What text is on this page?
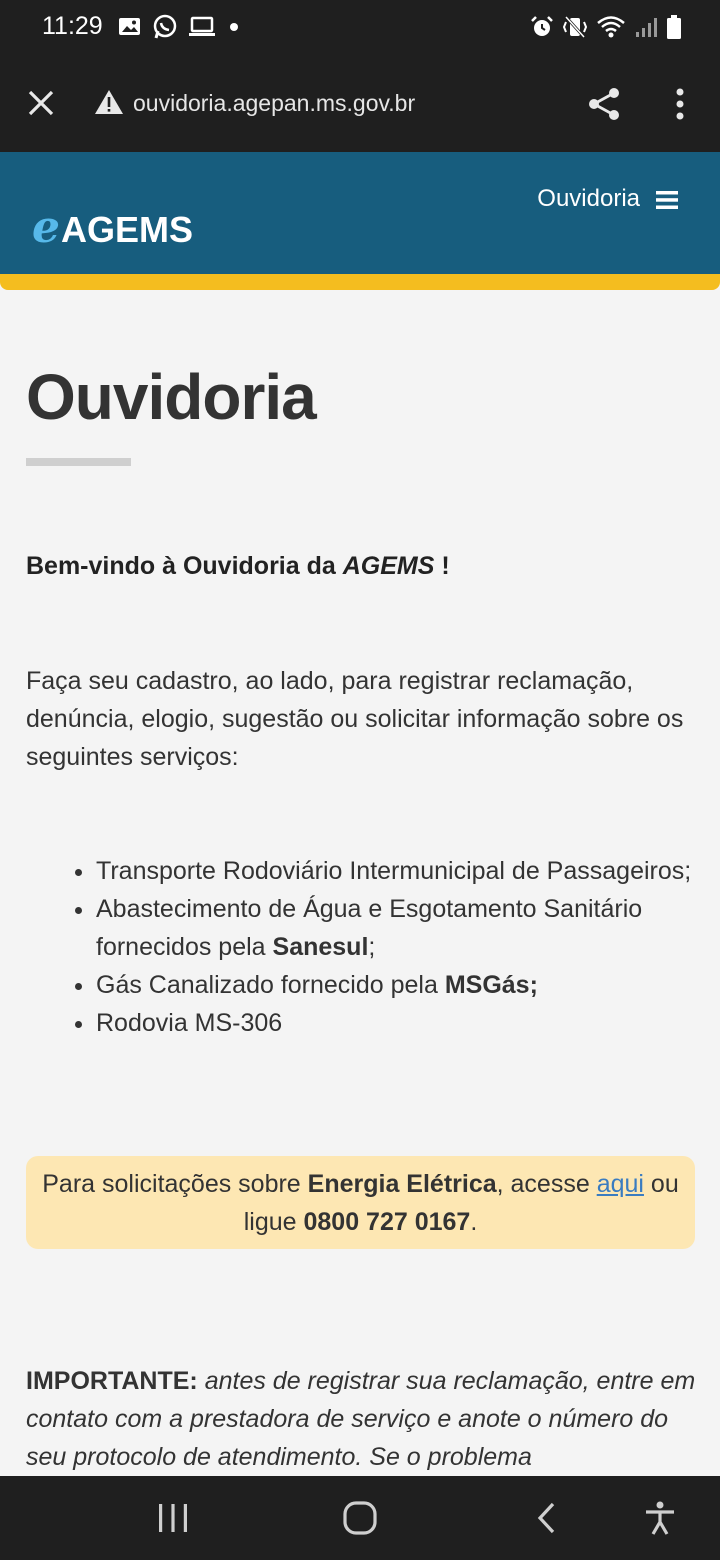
11:29
ouvidoria.agepan.ms.gov.br
eAGEMS
Ouvidoria
Ouvidoria

Bem-vindo à Ouvidoria da AGEMS !

Faça seu cadastro, ao lado, para registrar reclamação, denúncia, elogio, sugestão ou solicitar informação sobre os seguintes serviços:

• Transporte Rodoviário Intermunicipal de Passageiros;
• Abastecimento de Água e Esgotamento Sanitário fornecidos pela Sanesul;
• Gás Canalizado fornecido pela MSGás;
• Rodovia MS-306
Para solicitações sobre Energia Elétrica, acesse aqui ou ligue 0800 727 0167.

IMPORTANTE: antes de registrar sua reclamação, entre em contato com a prestadora de serviço e anote o número do seu protocolo de atendimento. Se o problema
